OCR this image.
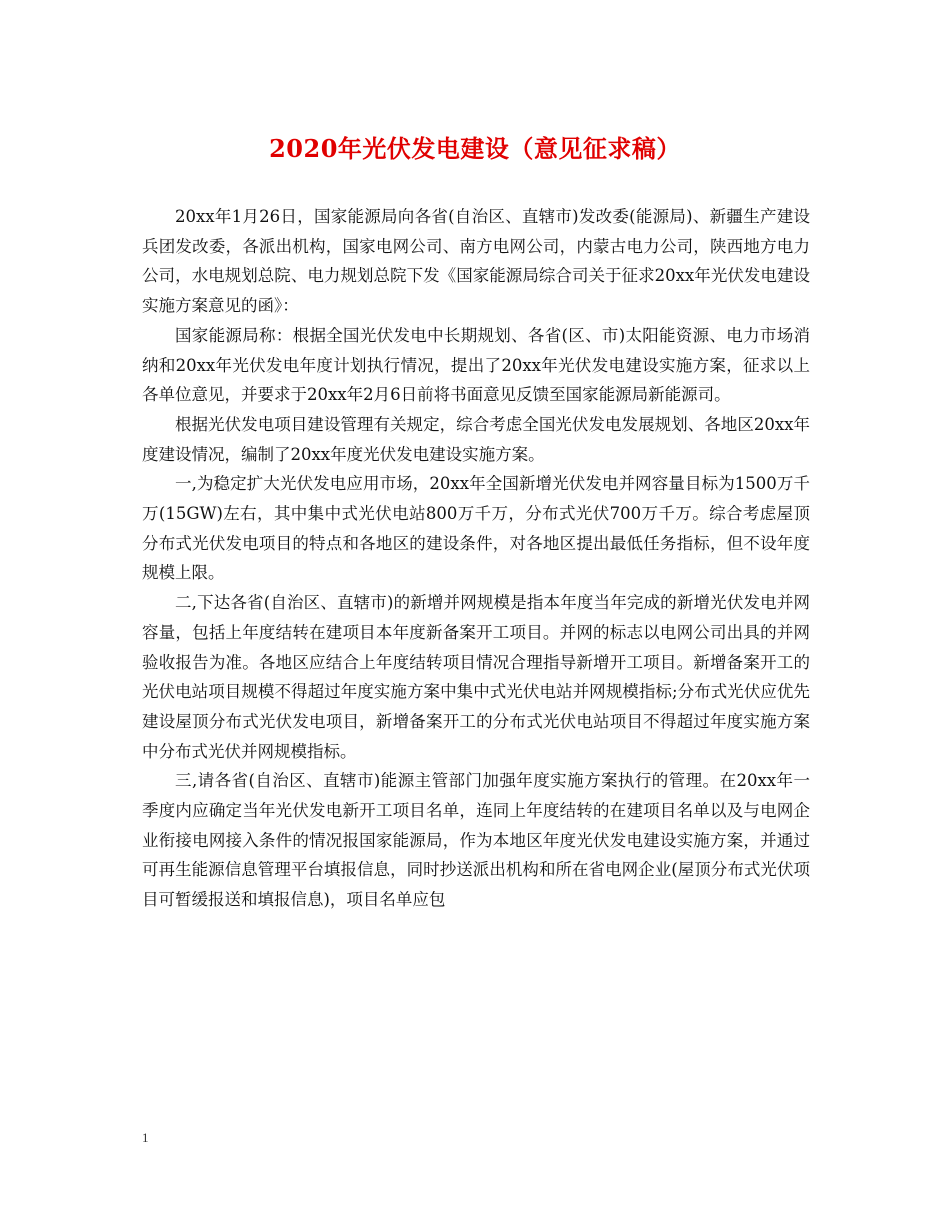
2020年光伏发电建设（意见征求稿）

20xx年1月26日，国家能源局向各省(自治区、直辖市)发改委(能源局)、新疆生产建设兵团发改委，各派出机构，国家电网公司、南方电网公司，内蒙古电力公司，陕西地方电力公司，水电规划总院、电力规划总院下发《国家能源局综合司关于征求20xx年光伏发电建设实施方案意见的函》：

国家能源局称：根据全国光伏发电中长期规划、各省(区、市)太阳能资源、电力市场消纳和20xx年光伏发电年度计划执行情况，提出了20xx年光伏发电建设实施方案，征求以上各单位意见，并要求于20xx年2月6日前将书面意见反馈至国家能源局新能源司。

根据光伏发电项目建设管理有关规定，综合考虑全国光伏发电发展规划、各地区20xx年度建设情况，编制了20xx年度光伏发电建设实施方案。

一,为稳定扩大光伏发电应用市场，20xx年全国新增光伏发电并网容量目标为1500万千万(15GW)左右，其中集中式光伏电站800万千万，分布式光伏700万千万。综合考虑屋顶分布式光伏发电项目的特点和各地区的建设条件，对各地区提出最低任务指标，但不设年度规模上限。

二,下达各省(自治区、直辖市)的新增并网规模是指本年度当年完成的新增光伏发电并网容量，包括上年度结转在建项目本年度新备案开工项目。并网的标志以电网公司出具的并网验收报告为准。各地区应结合上年度结转项目情况合理指导新增开工项目。新增备案开工的光伏电站项目规模不得超过年度实施方案中集中式光伏电站并网规模指标;分布式光伏应优先建设屋顶分布式光伏发电项目，新增备案开工的分布式光伏电站项目不得超过年度实施方案中分布式光伏并网规模指标。

三,请各省(自治区、直辖市)能源主管部门加强年度实施方案执行的管理。在20xx年一季度内应确定当年光伏发电新开工项目名单，连同上年度结转的在建项目名单以及与电网企业衔接电网接入条件的情况报国家能源局，作为本地区年度光伏发电建设实施方案，并通过可再生能源信息管理平台填报信息，同时抄送派出机构和所在省电网企业(屋顶分布式光伏项目可暂缓报送和填报信息)，项目名单应包

1
